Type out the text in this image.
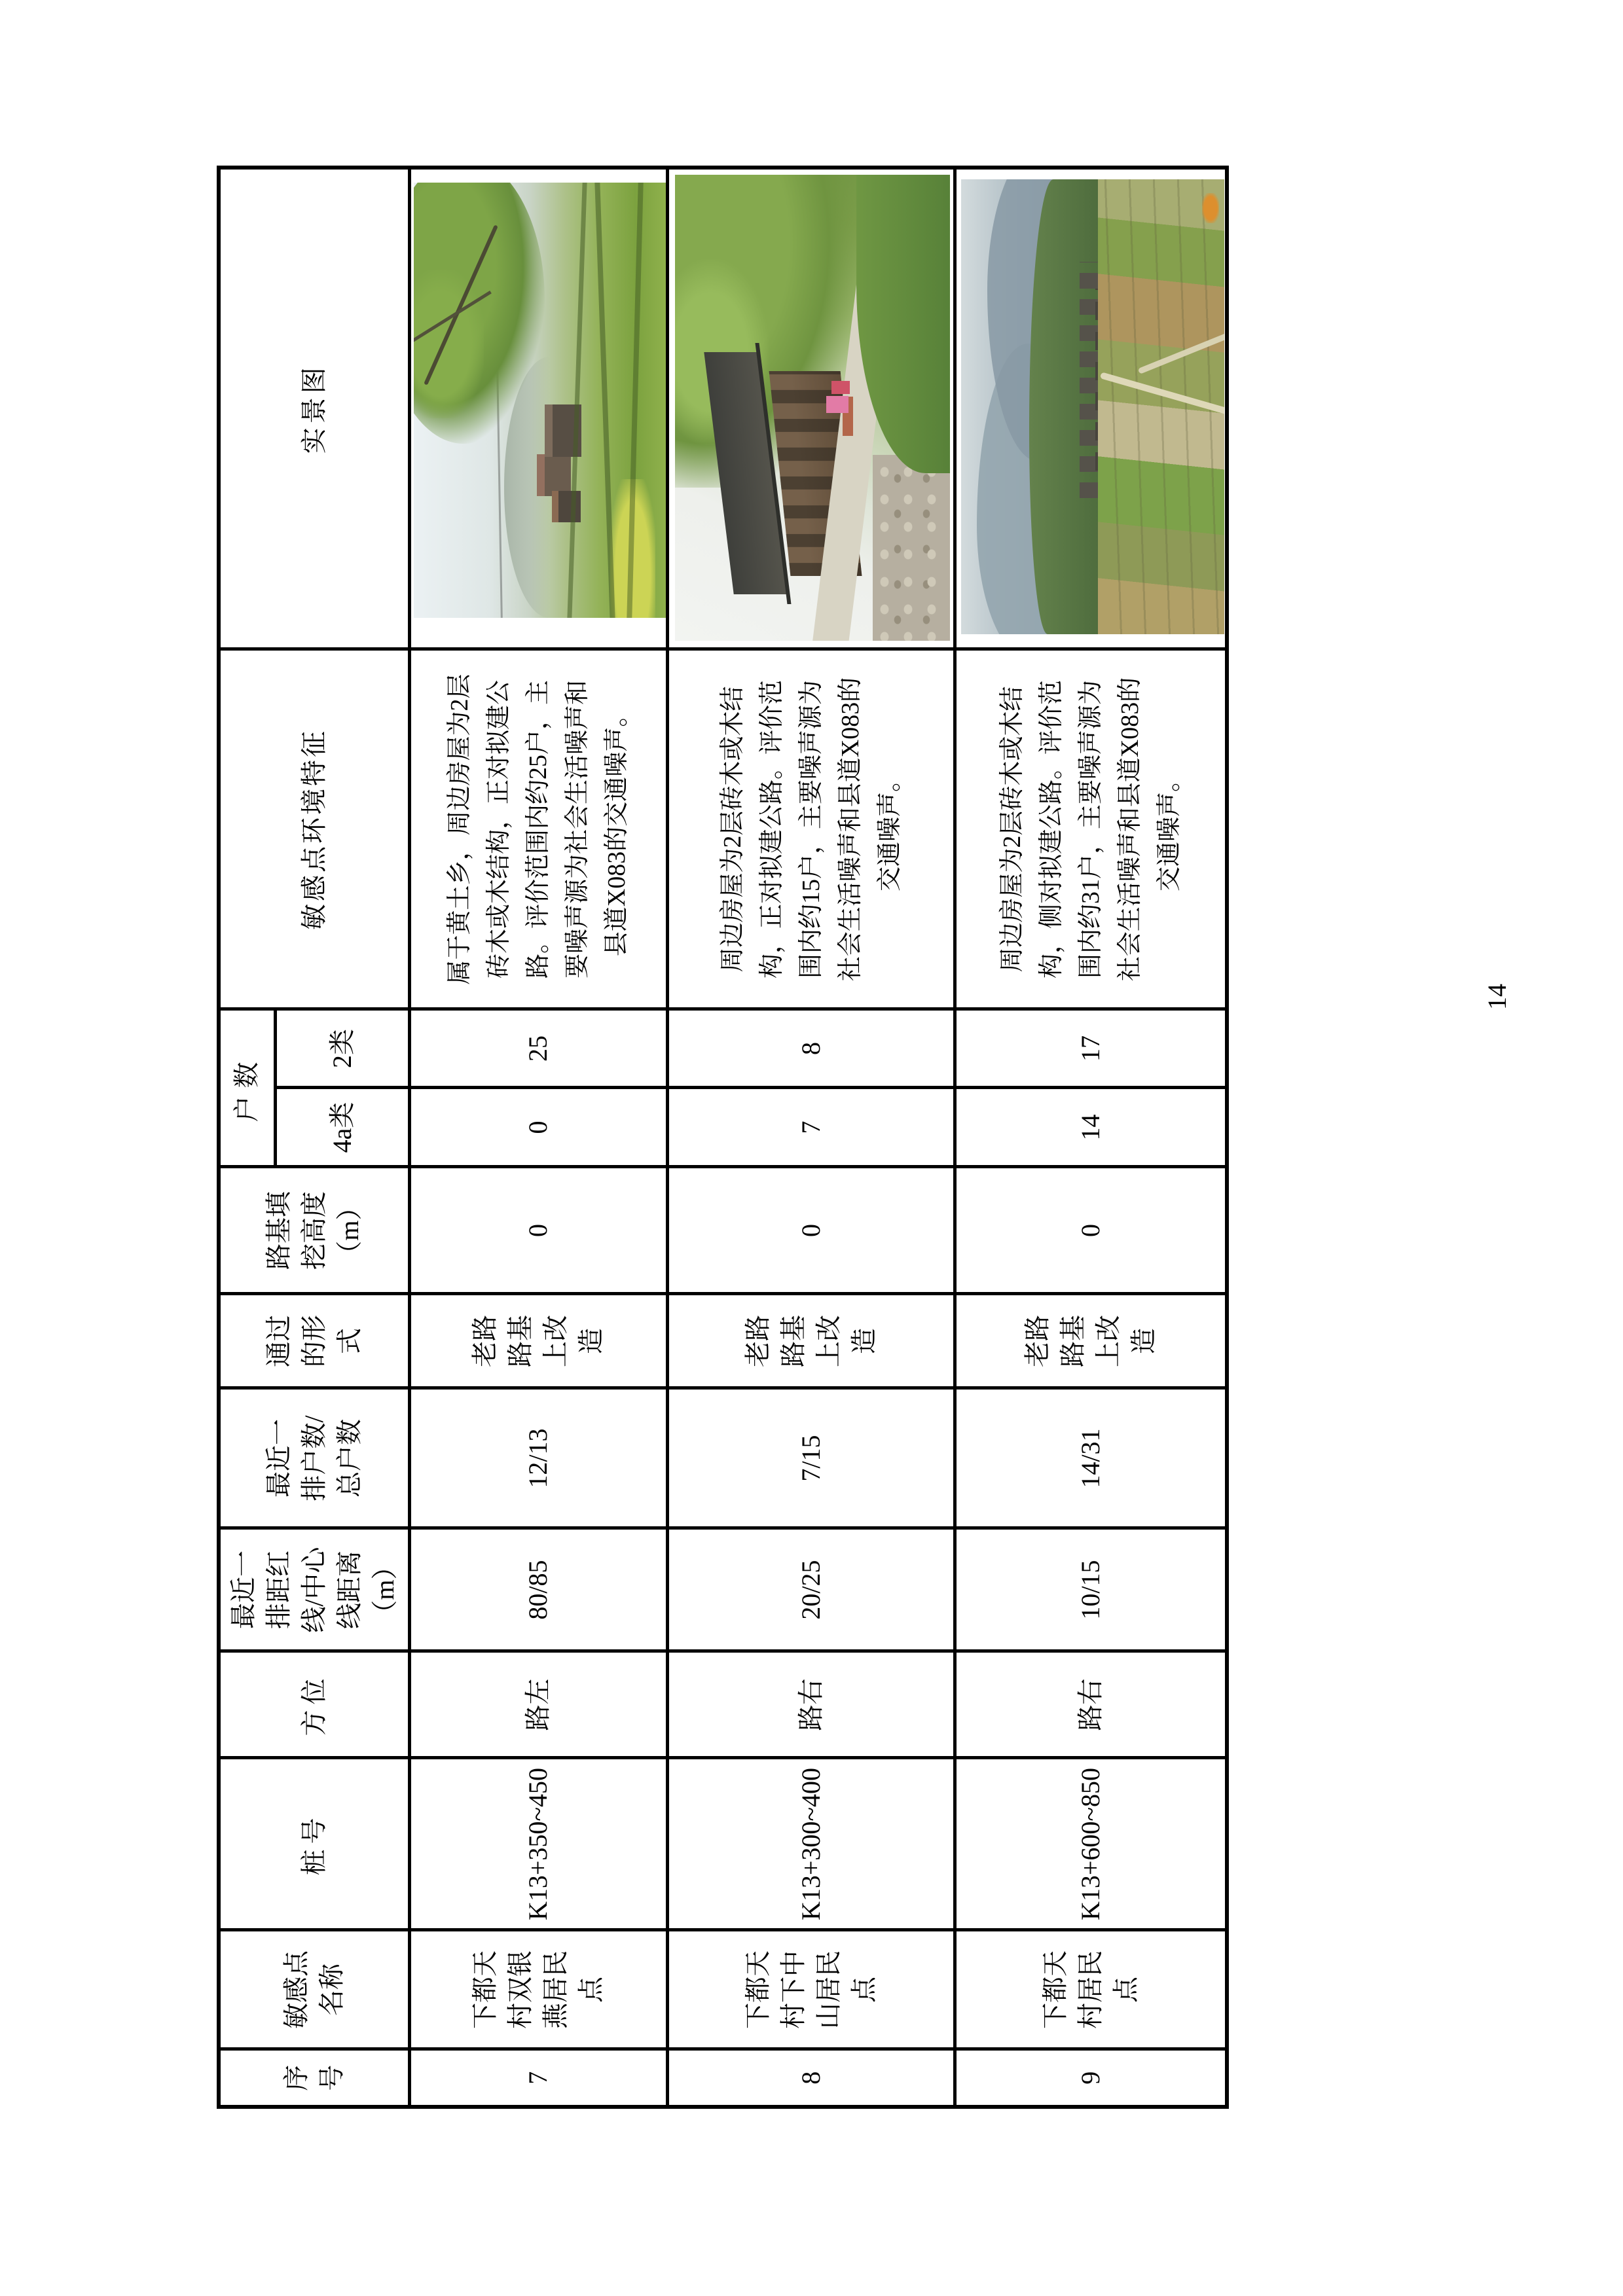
序号	敏感点名称	桩号	方位	最近一排距红线/中心线距离（m）	最近一排户数/总户数	通过的形式	路基填挖高度（m）	户数		敏感点环境特征	实景图
								4a类	2类		
7	下都天村双银燕居民点	K13+350~450	路左	80/85	12/13	老路路基上改造	0	0	25	属于黄土乡，周边房屋为2层砖木或木结构，正对拟建公路。评价范围内约25户，主要噪声源为社会生活噪声和县道X083的交通噪声。	

8	下都天村下中山居民点	K13+300~400	路右	20/25	7/15	老路路基上改造	0	7	8	周边房屋为2层砖木或木结构，正对拟建公路。评价范围内约15户，主要噪声源为社会生活噪声和县道X083的交通噪声。	

9	下都天村居民点	K13+600~850	路右	10/15	14/31	老路路基上改造	0	14	17	周边房屋为2层砖木或木结构，侧对拟建公路。评价范围内约31户，主要噪声源为社会生活噪声和县道X083的交通噪声。	
14
